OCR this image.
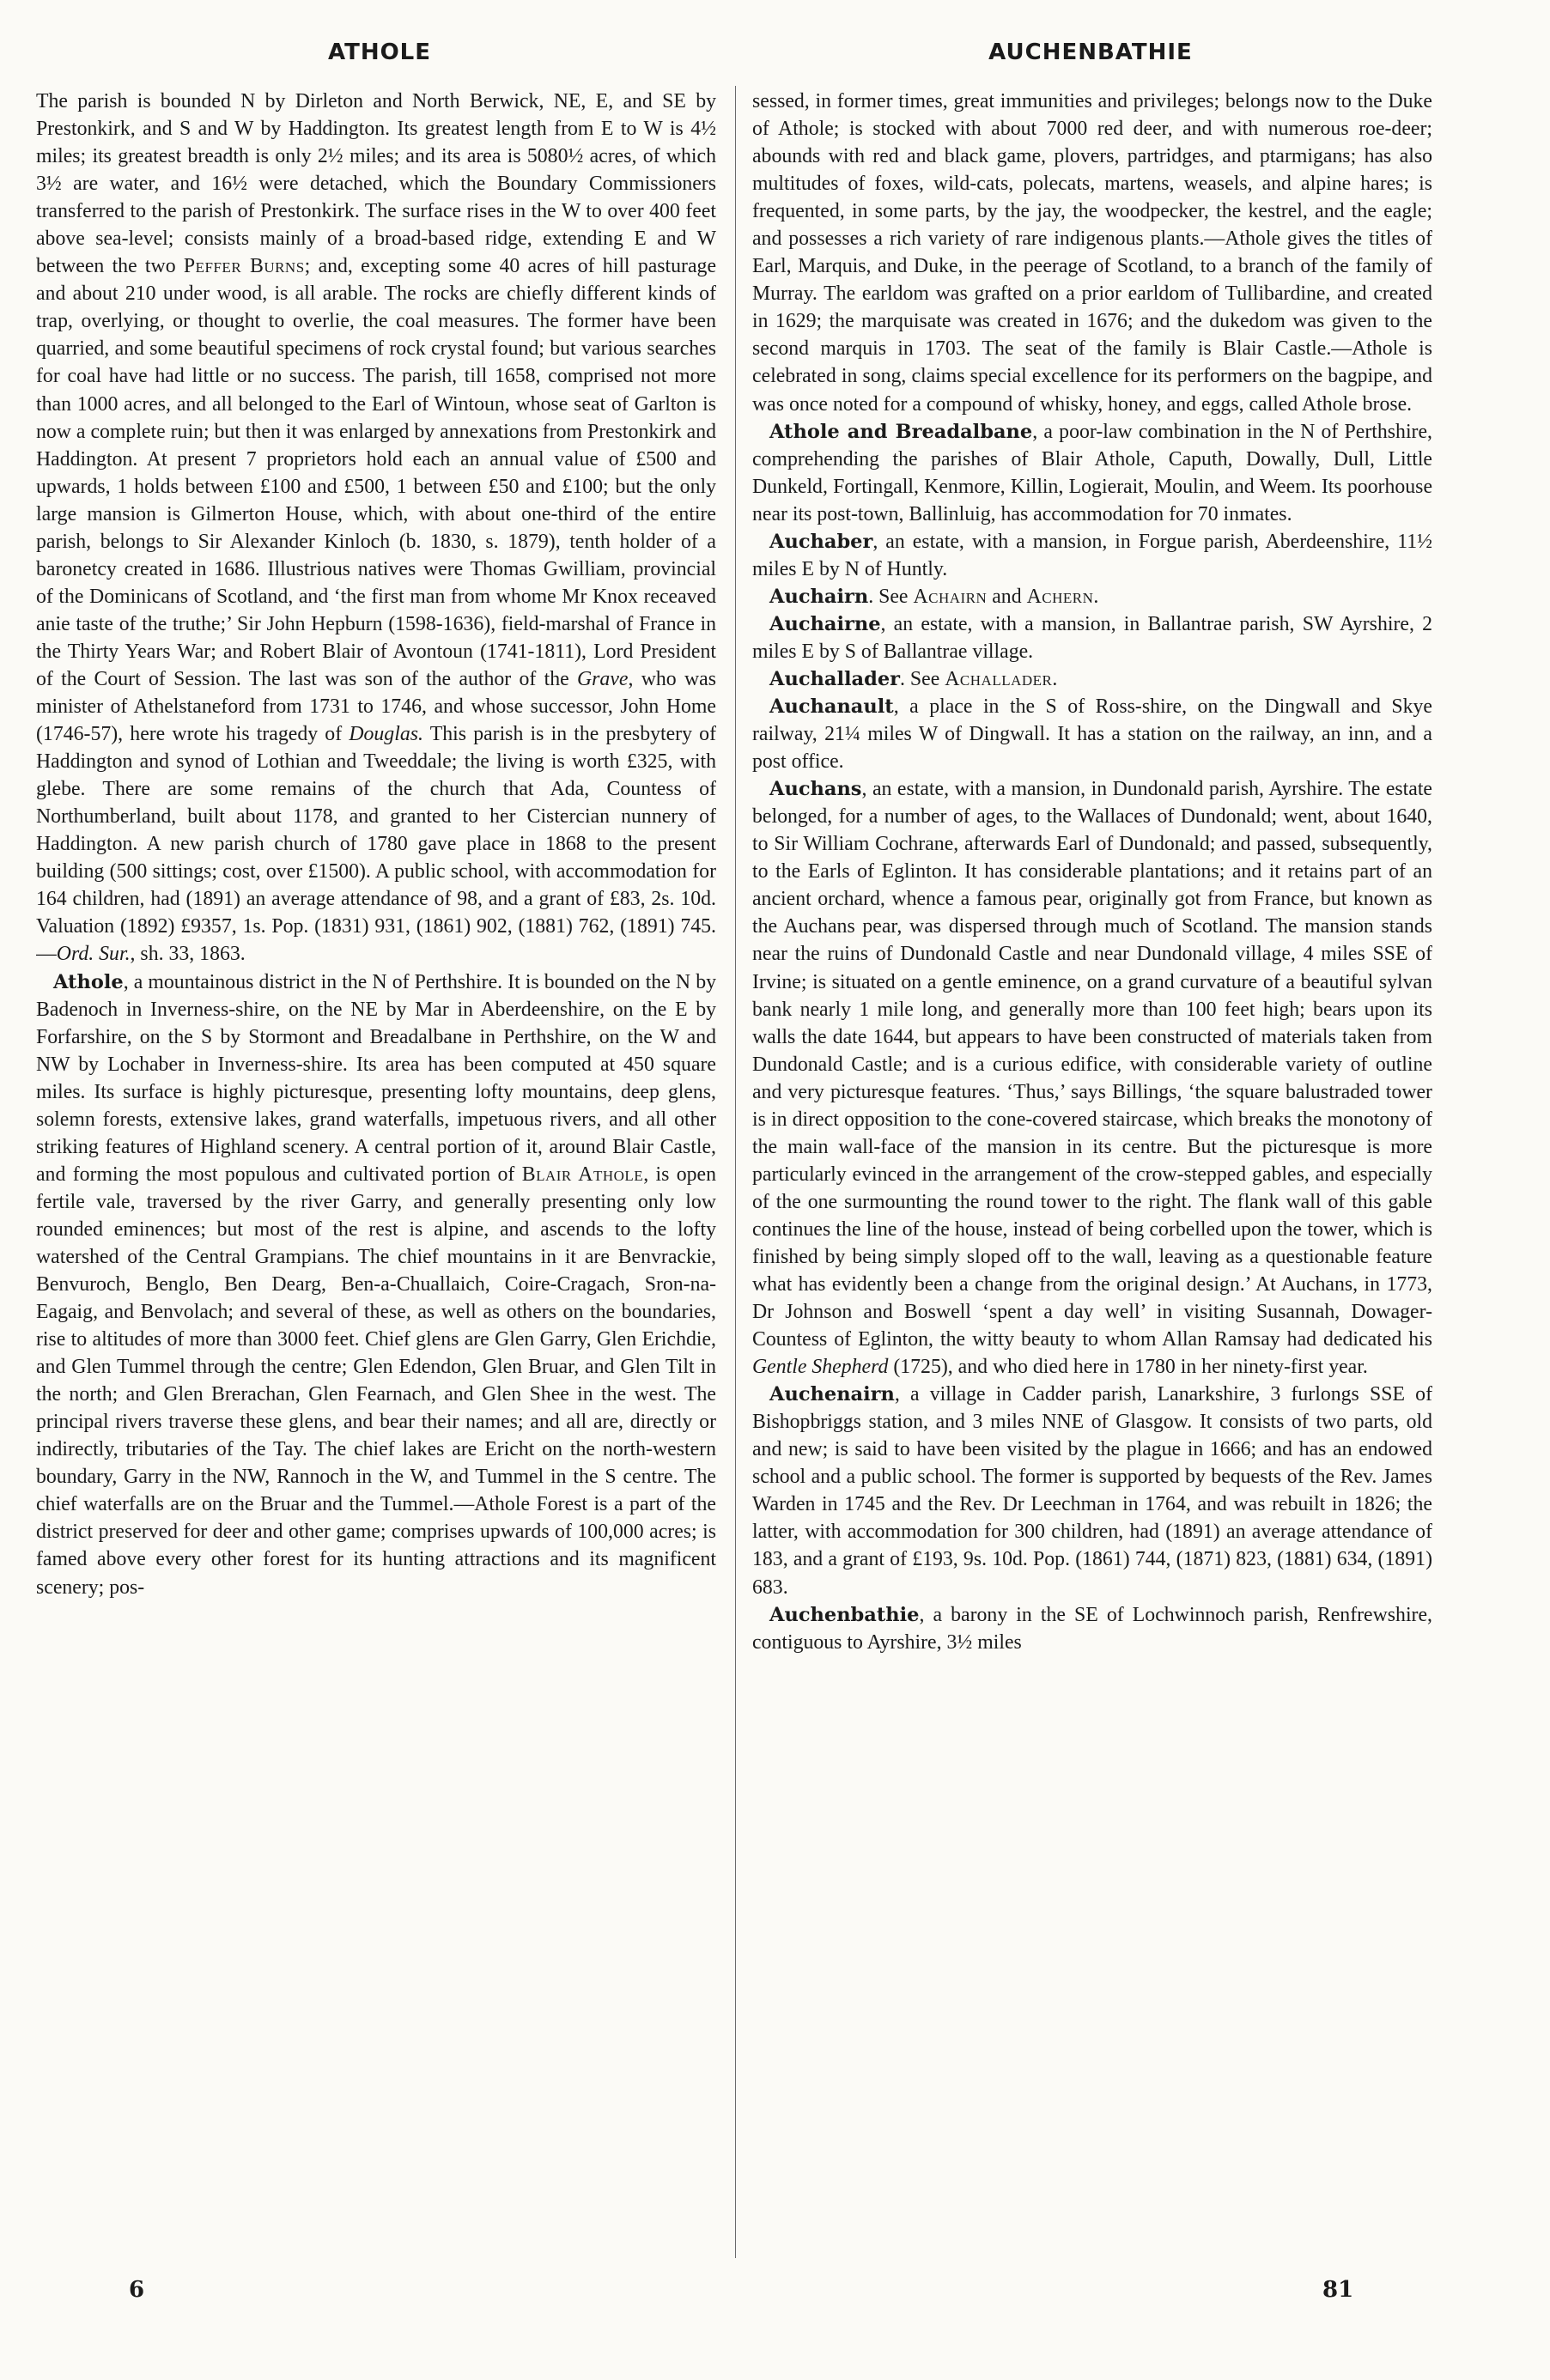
ATHOLE	AUCHENBATHIE

The parish is bounded N by Dirleton and North Berwick, NE, E, and SE by Prestonkirk, and S and W by Haddington. Its greatest length from E to W is 4½ miles; its greatest breadth is only 2½ miles; and its area is 5080½ acres, of which 3½ are water, and 16½ were detached, which the Boundary Commissioners transferred to the parish of Prestonkirk. The surface rises in the W to over 400 feet above sea-level; consists mainly of a broad-based ridge, extending E and W between the two Peffer Burns; and, excepting some 40 acres of hill pasturage and about 210 under wood, is all arable. The rocks are chiefly different kinds of trap, overlying, or thought to overlie, the coal measures. The former have been quarried, and some beautiful specimens of rock crystal found; but various searches for coal have had little or no success. The parish, till 1658, comprised not more than 1000 acres, and all belonged to the Earl of Wintoun, whose seat of Garlton is now a complete ruin; but then it was enlarged by annexations from Prestonkirk and Haddington. At present 7 proprietors hold each an annual value of £500 and upwards, 1 holds between £100 and £500, 1 between £50 and £100; but the only large mansion is Gilmerton House, which, with about one-third of the entire parish, belongs to Sir Alexander Kinloch (b. 1830, s. 1879), tenth holder of a baronetcy created in 1686. Illustrious natives were Thomas Gwilliam, provincial of the Dominicans of Scotland, and ‘the first man from whome Mr Knox receaved anie taste of the truthe;’ Sir John Hepburn (1598-1636), field-marshal of France in the Thirty Years War; and Robert Blair of Avontoun (1741-1811), Lord President of the Court of Session. The last was son of the author of the Grave, who was minister of Athelstaneford from 1731 to 1746, and whose successor, John Home (1746-57), here wrote his tragedy of Douglas. This parish is in the presbytery of Haddington and synod of Lothian and Tweeddale; the living is worth £325, with glebe. There are some remains of the church that Ada, Countess of Northumberland, built about 1178, and granted to her Cistercian nunnery of Haddington. A new parish church of 1780 gave place in 1868 to the present building (500 sittings; cost, over £1500). A public school, with accommodation for 164 children, had (1891) an average attendance of 98, and a grant of £83, 2s. 10d. Valuation (1892) £9357, 1s. Pop. (1831) 931, (1861) 902, (1881) 762, (1891) 745.—Ord. Sur., sh. 33, 1863.

Athole, a mountainous district in the N of Perthshire. It is bounded on the N by Badenoch in Inverness-shire, on the NE by Mar in Aberdeenshire, on the E by Forfarshire, on the S by Stormont and Breadalbane in Perthshire, on the W and NW by Lochaber in Inverness-shire. Its area has been computed at 450 square miles. Its surface is highly picturesque, presenting lofty mountains, deep glens, solemn forests, extensive lakes, grand waterfalls, impetuous rivers, and all other striking features of Highland scenery. A central portion of it, around Blair Castle, and forming the most populous and cultivated portion of Blair Athole, is open fertile vale, traversed by the river Garry, and generally presenting only low rounded eminences; but most of the rest is alpine, and ascends to the lofty watershed of the Central Grampians. The chief mountains in it are Benvrackie, Benvuroch, Benglo, Ben Dearg, Ben-a-Chuallaich, Coire-Cragach, Sron-na-Eagaig, and Benvolach; and several of these, as well as others on the boundaries, rise to altitudes of more than 3000 feet. Chief glens are Glen Garry, Glen Erichdie, and Glen Tummel through the centre; Glen Edendon, Glen Bruar, and Glen Tilt in the north; and Glen Brerachan, Glen Fearnach, and Glen Shee in the west. The principal rivers traverse these glens, and bear their names; and all are, directly or indirectly, tributaries of the Tay. The chief lakes are Ericht on the north-western boundary, Garry in the NW, Rannoch in the W, and Tummel in the S centre. The chief waterfalls are on the Bruar and the Tummel.—Athole Forest is a part of the district preserved for deer and other game; comprises upwards of 100,000 acres; is famed above every other forest for its hunting attractions and its magnificent scenery; pos-

sessed, in former times, great immunities and privileges; belongs now to the Duke of Athole; is stocked with about 7000 red deer, and with numerous roe-deer; abounds with red and black game, plovers, partridges, and ptarmigans; has also multitudes of foxes, wild-cats, polecats, martens, weasels, and alpine hares; is frequented, in some parts, by the jay, the woodpecker, the kestrel, and the eagle; and possesses a rich variety of rare indigenous plants.—Athole gives the titles of Earl, Marquis, and Duke, in the peerage of Scotland, to a branch of the family of Murray. The earldom was grafted on a prior earldom of Tullibardine, and created in 1629; the marquisate was created in 1676; and the dukedom was given to the second marquis in 1703. The seat of the family is Blair Castle.—Athole is celebrated in song, claims special excellence for its performers on the bagpipe, and was once noted for a compound of whisky, honey, and eggs, called Athole brose.

Athole and Breadalbane, a poor-law combination in the N of Perthshire, comprehending the parishes of Blair Athole, Caputh, Dowally, Dull, Little Dunkeld, Fortingall, Kenmore, Killin, Logierait, Moulin, and Weem. Its poorhouse near its post-town, Ballinluig, has accommodation for 70 inmates.

Auchaber, an estate, with a mansion, in Forgue parish, Aberdeenshire, 11½ miles E by N of Huntly.

Auchairn. See Achairn and Achern.

Auchairne, an estate, with a mansion, in Ballantrae parish, SW Ayrshire, 2 miles E by S of Ballantrae village.

Auchallader. See Achallader.

Auchanault, a place in the S of Ross-shire, on the Dingwall and Skye railway, 21¼ miles W of Dingwall. It has a station on the railway, an inn, and a post office.

Auchans, an estate, with a mansion, in Dundonald parish, Ayrshire. The estate belonged, for a number of ages, to the Wallaces of Dundonald; went, about 1640, to Sir William Cochrane, afterwards Earl of Dundonald; and passed, subsequently, to the Earls of Eglinton. It has considerable plantations; and it retains part of an ancient orchard, whence a famous pear, originally got from France, but known as the Auchans pear, was dispersed through much of Scotland. The mansion stands near the ruins of Dundonald Castle and near Dundonald village, 4 miles SSE of Irvine; is situated on a gentle eminence, on a grand curvature of a beautiful sylvan bank nearly 1 mile long, and generally more than 100 feet high; bears upon its walls the date 1644, but appears to have been constructed of materials taken from Dundonald Castle; and is a curious edifice, with considerable variety of outline and very picturesque features. ‘Thus,’ says Billings, ‘the square balustraded tower is in direct opposition to the cone-covered staircase, which breaks the monotony of the main wall-face of the mansion in its centre. But the picturesque is more particularly evinced in the arrangement of the crow-stepped gables, and especially of the one surmounting the round tower to the right. The flank wall of this gable continues the line of the house, instead of being corbelled upon the tower, which is finished by being simply sloped off to the wall, leaving as a questionable feature what has evidently been a change from the original design.’ At Auchans, in 1773, Dr Johnson and Boswell ‘spent a day well’ in visiting Susannah, Dowager-Countess of Eglinton, the witty beauty to whom Allan Ramsay had dedicated his Gentle Shepherd (1725), and who died here in 1780 in her ninety-first year.

Auchenairn, a village in Cadder parish, Lanarkshire, 3 furlongs SSE of Bishopbriggs station, and 3 miles NNE of Glasgow. It consists of two parts, old and new; is said to have been visited by the plague in 1666; and has an endowed school and a public school. The former is supported by bequests of the Rev. James Warden in 1745 and the Rev. Dr Leechman in 1764, and was rebuilt in 1826; the latter, with accommodation for 300 children, had (1891) an average attendance of 183, and a grant of £193, 9s. 10d. Pop. (1861) 744, (1871) 823, (1881) 634, (1891) 683.

Auchenbathie, a barony in the SE of Lochwinnoch parish, Renfrewshire, contiguous to Ayrshire, 3½ miles

6	81
